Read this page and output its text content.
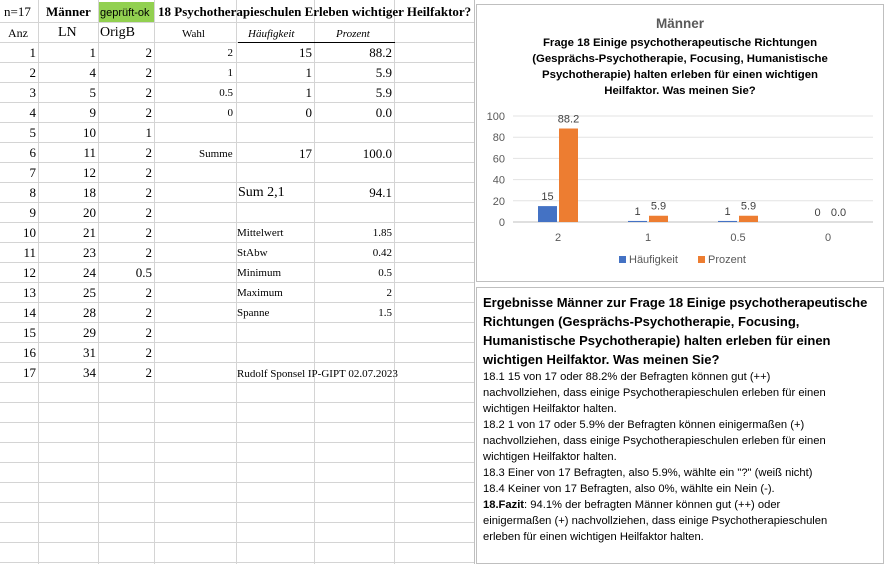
n=17 Männer geprüft-ok 18 Psychotherapieschulen Erleben wichtiger Heilfaktor?
Anz LN OrigB	Wahl	Häufigkeit	Prozent
1	1	2
2	4	2
3	5	2
4	9	2
5	10	1
6	11	2
7	12	2
8	18	2
9	20	2
10	21	2
11	23	2
12	24	0.5
13	25	2
14	28	2
15	29	2
16	31	2
17	34	2
2	15	88.2
1	1	5.9
0.5	1	5.9
0	0	0.0
Summe	17	100.0
Sum 2,1	94.1
Mittelwert	1.85
StAbw	0.42
Minimum	0.5
Maximum	2
Spanne	1.5
Rudolf Sponsel IP-GIPT 02.07.2023
Männer
Frage 18 Einige psychotherapeutische Richtungen
(Gesprächs-Psychotherapie, Focusing, Humanistische
Psychotherapie) halten erleben für einen wichtigen
Heilfaktor. Was meinen Sie?
0
20
40
60
80
100
2
15
88.2
1
1 5.9
0.5
1 5.9
0
0 0.0
Häufigkeit	Prozent
Ergebnisse Männer zur Frage 18 Einige psychotherapeutische
Richtungen (Gesprächs-Psychotherapie, Focusing,
Humanistische Psychotherapie) halten erleben für einen
wichtigen Heilfaktor. Was meinen Sie?
18.1 15 von 17 oder 88.2% der Befragten können gut (++)
nachvollziehen, dass einige Psychotherapieschulen erleben für einen
wichtigen Heilfaktor halten.
18.2 1 von 17 oder 5.9% der Befragten können einigermaßen (+)
nachvollziehen, dass einige Psychotherapieschulen erleben für einen
wichtigen Heilfaktor halten.
18.3 Einer von 17 Befragten, also 5.9%, wählte ein "?" (weiß nicht)
18.4 Keiner von 17 Befragten, also 0%, wählte ein Nein (-).
18.Fazit: 94.1% der befragten Männer können gut (++) oder
einigermaßen (+) nachvollziehen, dass einige Psychotherapieschulen
erleben für einen wichtigen Heilfaktor halten.
